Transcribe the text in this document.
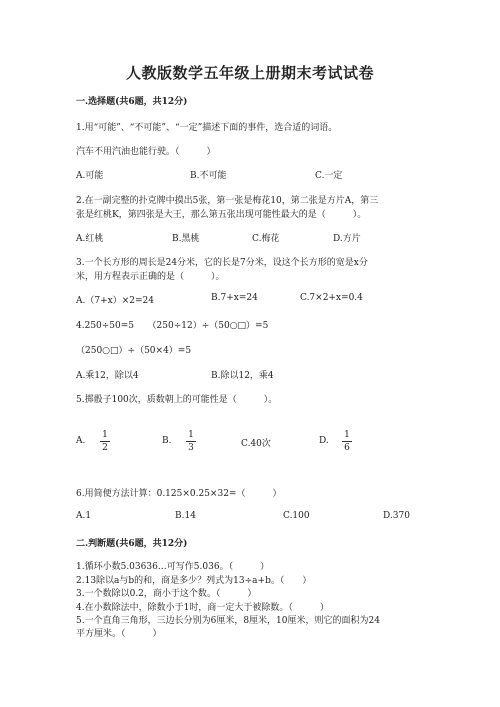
人教版数学五年级上册期末考试试卷
一.选择题(共6题，共12分)
1.用“可能”、“不可能”、“一定”描述下面的事件，选合适的词语。
汽车不用汽油也能行驶。（　　　）
A.可能	B.不可能	C.一定
2.在一副完整的扑克牌中摸出5张，第一张是梅花10，第二张是方片A，第三
张是红桃K，第四张是大王，那么第五张出现可能性最大的是（　　　）。
A.红桃	B.黑桃	C.梅花	D.方片
3.一个长方形的周长是24分米，它的长是7分米，设这个长方形的宽是x分
米，用方程表示正确的是（　　　）。
A.（7+x）×2=24	B.7+x=24	C.7×2+x=0.4
4.250÷50=5　　（250÷12）÷（50○□）=5
（250○□）÷（50×4）=5
A.乘12，除以4	B.除以12，乘4
5.掷骰子100次，质数朝上的可能性是（　　　）。
A.
1
2
B.
1
3	C.40次	D.
1
6
6.用简便方法计算：0.125×0.25×32=（　　　）
A.1	B.14	C.100	D.370
二.判断题(共6题，共12分)
1.循环小数5.03636…可写作5.036。（　　　）
2.13除以a与b的和，商是多少？列式为13÷a+b。（　　）
3.一个数除以0.2，商小于这个数。（　　　）
4.在小数除法中，除数小于1时，商一定大于被除数。（　　　）
5.一个直角三角形，三边长分别为6厘米，8厘米，10厘米，则它的面积为24
平方厘米。（　　　）
